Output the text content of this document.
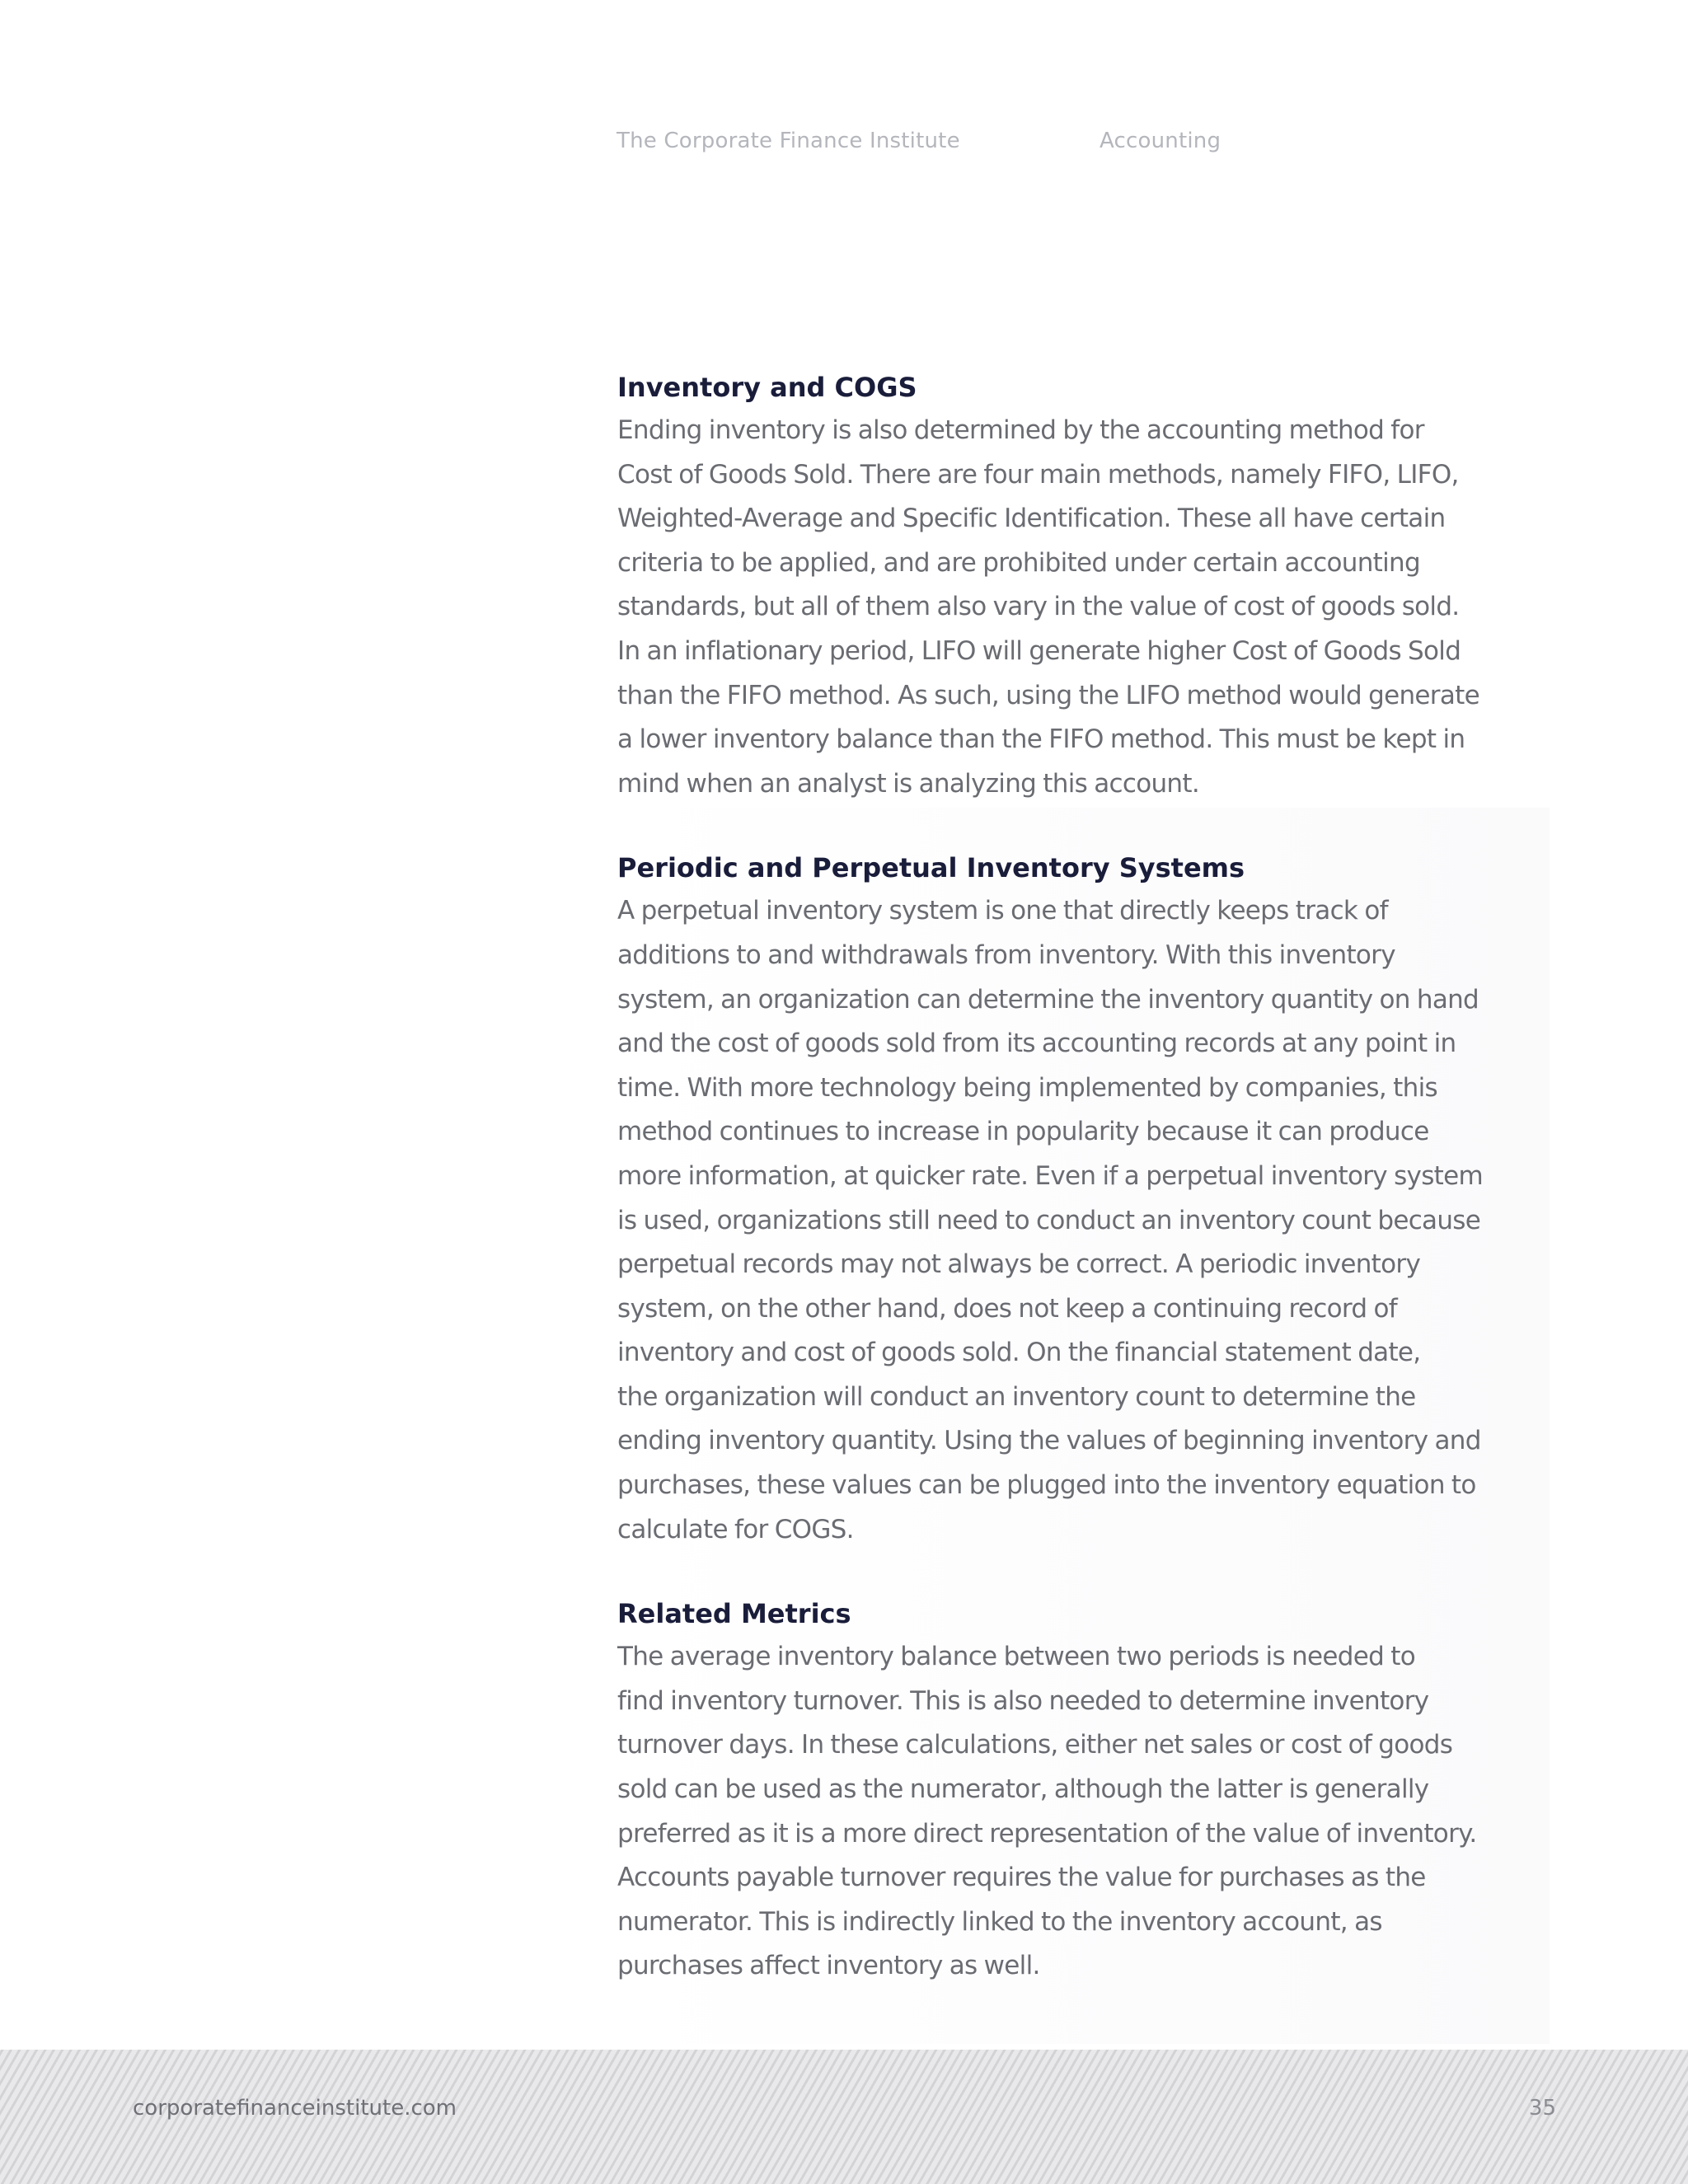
The Corporate Finance Institute	Accounting
Inventory and COGS

Ending inventory is also determined by the accounting method for
Cost of Goods Sold. There are four main methods, namely FIFO, LIFO,
Weighted-Average and Specific Identification. These all have certain
criteria to be applied, and are prohibited under certain accounting
standards, but all of them also vary in the value of cost of goods sold.
In an inflationary period, LIFO will generate higher Cost of Goods Sold
than the FIFO method. As such, using the LIFO method would generate
a lower inventory balance than the FIFO method. This must be kept in
mind when an analyst is analyzing this account.

Periodic and Perpetual Inventory Systems

A perpetual inventory system is one that directly keeps track of
additions to and withdrawals from inventory. With this inventory
system, an organization can determine the inventory quantity on hand
and the cost of goods sold from its accounting records at any point in
time. With more technology being implemented by companies, this
method continues to increase in popularity because it can produce
more information, at quicker rate. Even if a perpetual inventory system
is used, organizations still need to conduct an inventory count because
perpetual records may not always be correct. A periodic inventory
system, on the other hand, does not keep a continuing record of
inventory and cost of goods sold. On the financial statement date,
the organization will conduct an inventory count to determine the
ending inventory quantity. Using the values of beginning inventory and
purchases, these values can be plugged into the inventory equation to
calculate for COGS.

Related Metrics

The average inventory balance between two periods is needed to
find inventory turnover. This is also needed to determine inventory
turnover days. In these calculations, either net sales or cost of goods
sold can be used as the numerator, although the latter is generally
preferred as it is a more direct representation of the value of inventory.
Accounts payable turnover requires the value for purchases as the
numerator. This is indirectly linked to the inventory account, as
purchases affect inventory as well.

corporatefinanceinstitute.com	35
